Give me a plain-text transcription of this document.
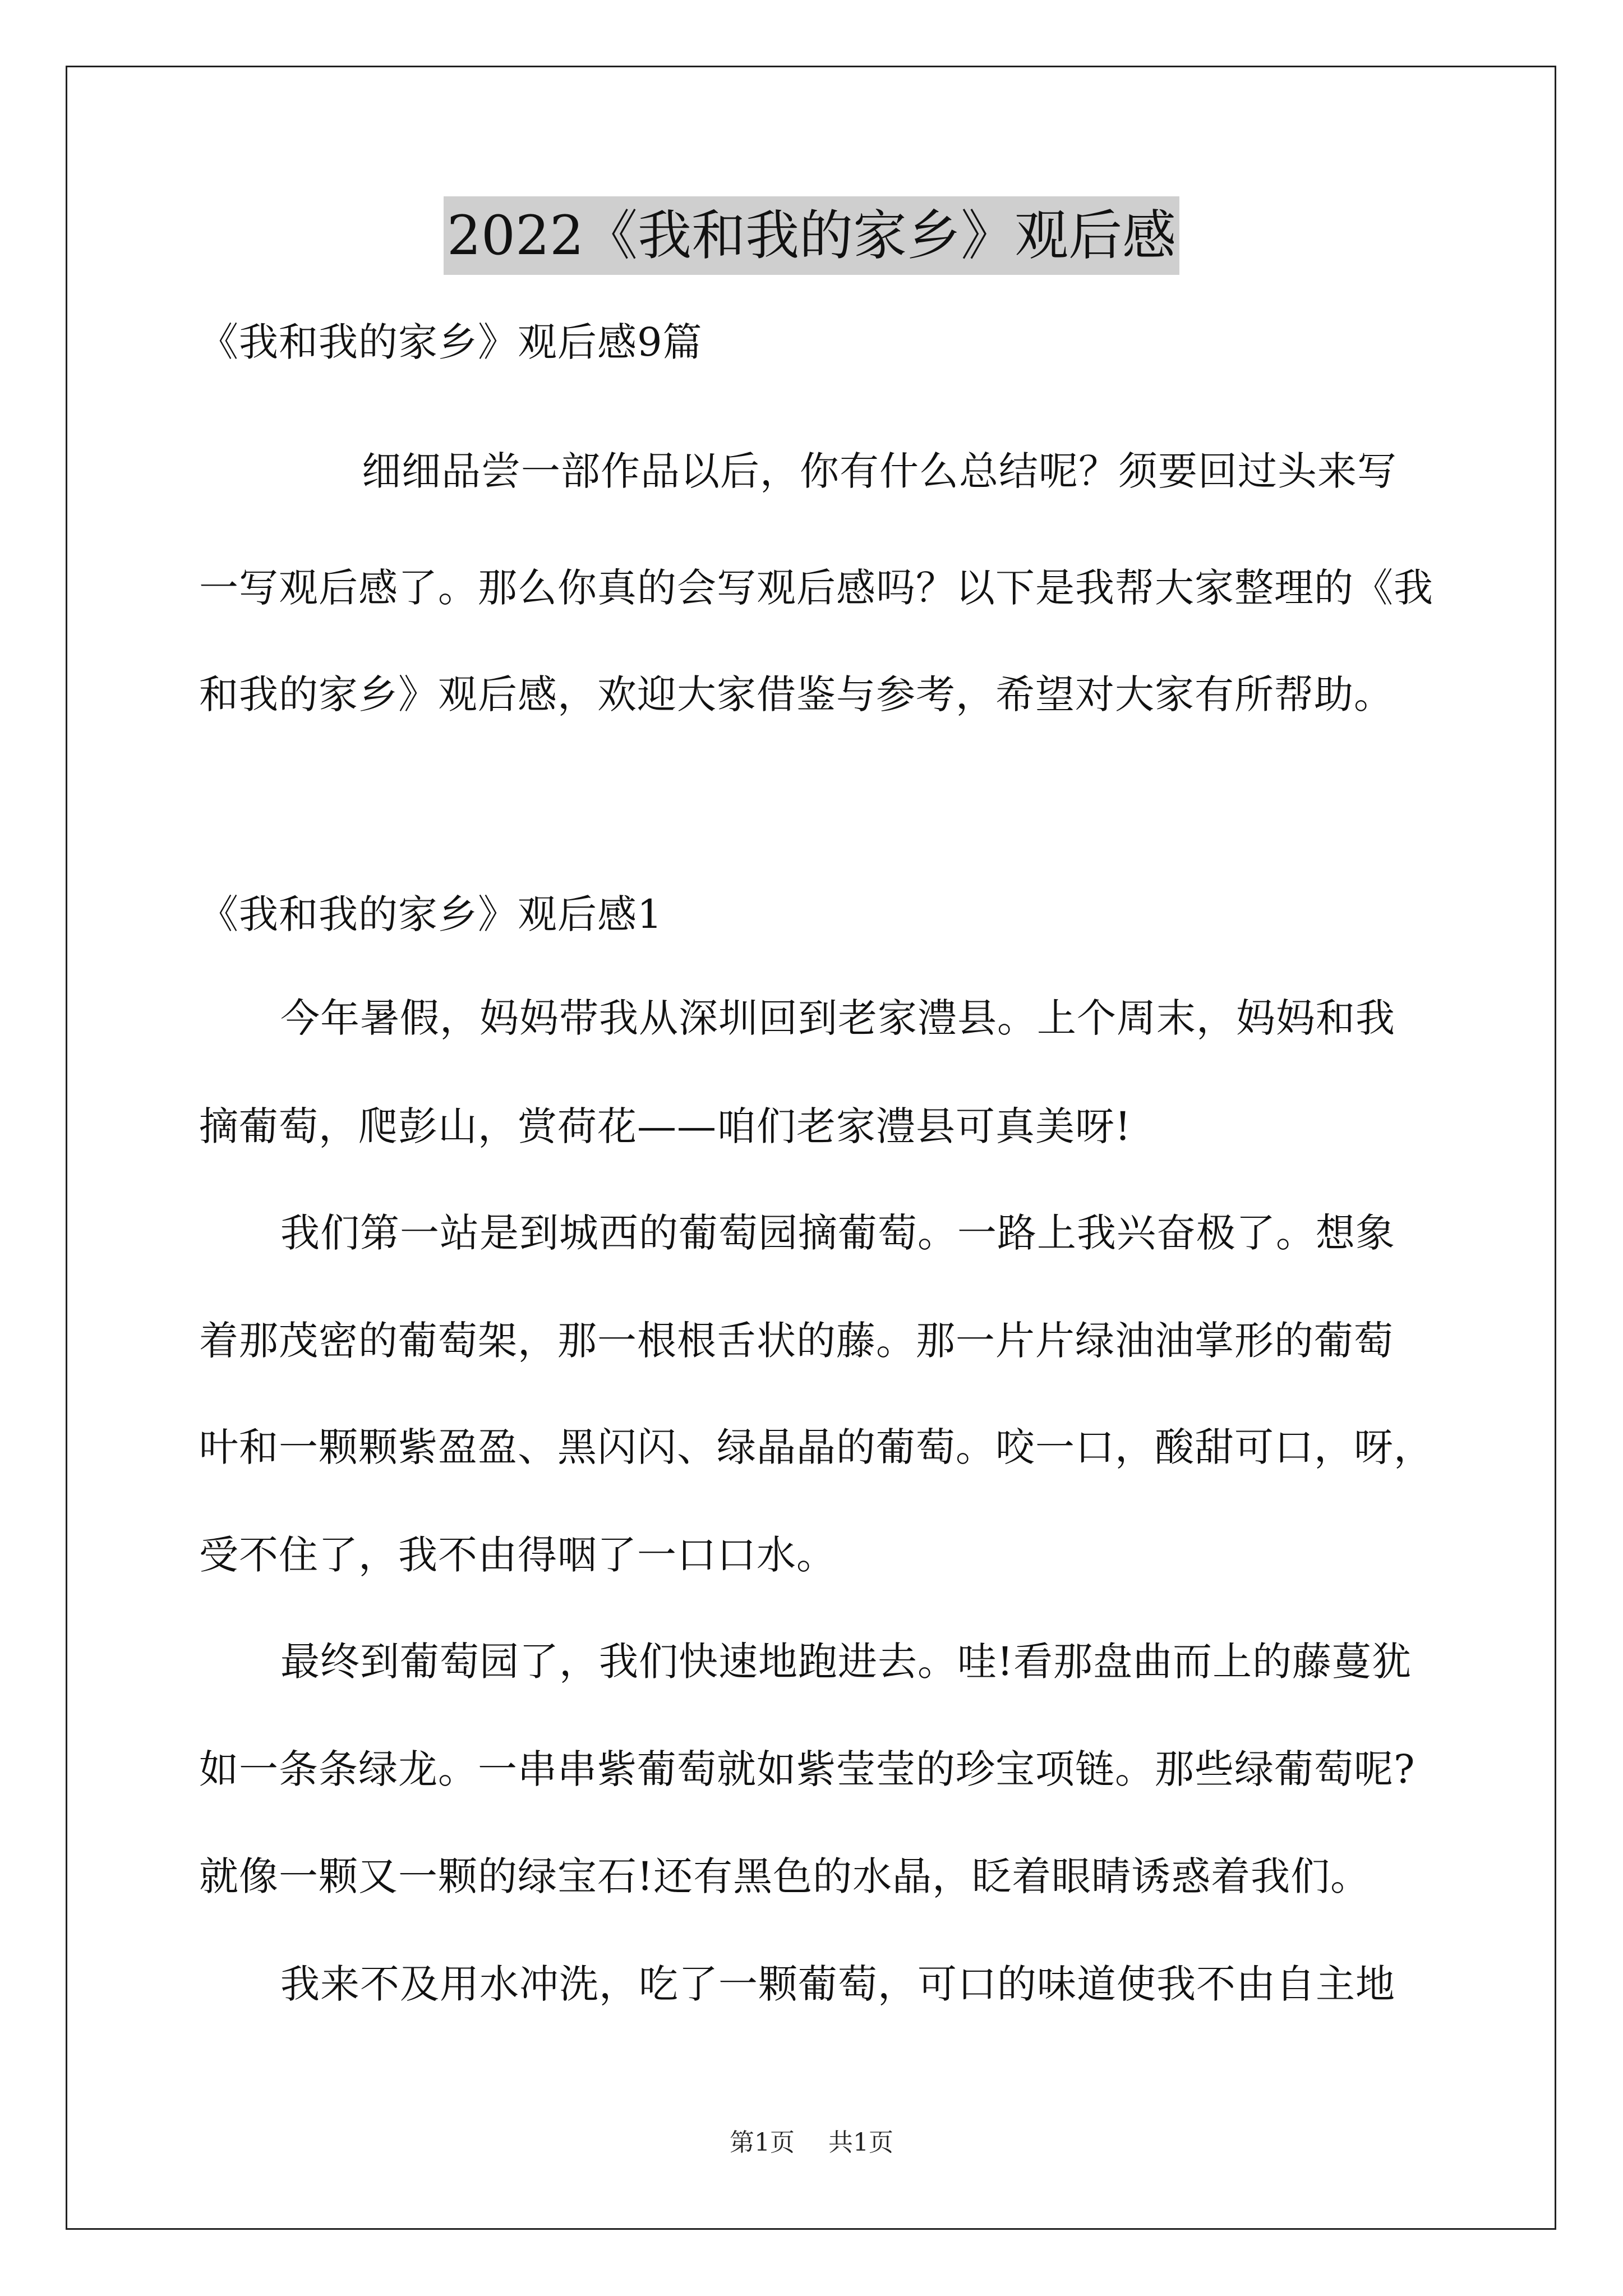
2022《我和我的家乡》观后感
《我和我的家乡》观后感9篇
细细品尝一部作品以后，你有什么总结呢？须要回过头来写
一写观后感了。那么你真的会写观后感吗？以下是我帮大家整理的《我
和我的家乡》观后感，欢迎大家借鉴与参考，希望对大家有所帮助。
《我和我的家乡》观后感1
今年暑假，妈妈带我从深圳回到老家澧县。上个周末，妈妈和我
摘葡萄，爬彭山，赏荷花——咱们老家澧县可真美呀!
我们第一站是到城西的葡萄园摘葡萄。一路上我兴奋极了。想象
着那茂密的葡萄架，那一根根舌状的藤。那一片片绿油油掌形的葡萄
叶和一颗颗紫盈盈、黑闪闪、绿晶晶的葡萄。咬一口，酸甜可口，呀，
受不住了，我不由得咽了一口口水。
最终到葡萄园了，我们快速地跑进去。哇!看那盘曲而上的藤蔓犹
如一条条绿龙。一串串紫葡萄就如紫莹莹的珍宝项链。那些绿葡萄呢?
就像一颗又一颗的绿宝石!还有黑色的水晶，眨着眼睛诱惑着我们。
我来不及用水冲洗，吃了一颗葡萄，可口的味道使我不由自主地
第1页 共1页
